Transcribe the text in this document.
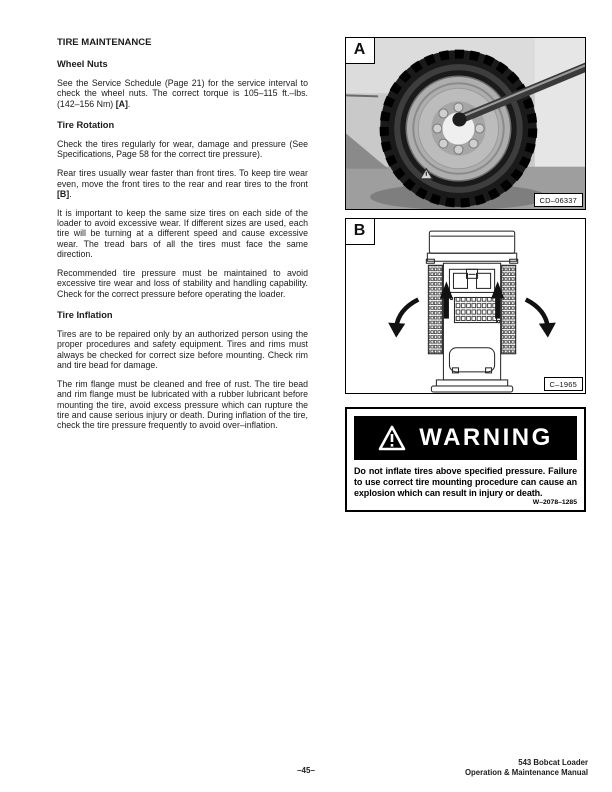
TIRE MAINTENANCE
Wheel Nuts

See the Service Schedule (Page 21) for the service interval to check the wheel nuts. The correct torque is 105–115 ft.–lbs. (142–156 Nm) [A].

Tire Rotation

Check the tires regularly for wear, damage and pressure (See Specifications, Page 58 for the correct tire pressure).

Rear tires usually wear faster than front tires. To keep tire wear even, move the front tires to the rear and rear tires to the front [B].

It is important to keep the same size tires on each side of the loader to avoid excessive wear. If different sizes are used, each tire will be turning at a different speed and cause excessive wear. The tread bars of all the tires must face the same direction.

Recommended tire pressure must be maintained to avoid excessive tire wear and loss of stability and handling capability. Check for the correct pressure before operating the loader.

Tire Inflation

Tires are to be repaired only by an authorized person using the proper procedures and safety equipment. Tires and rims must always be checked for correct size before mounting. Check rim and tire bead for damage.

The rim flange must be cleaned and free of rust. The tire bead and rim flange must be lubricated with a rubber lubricant before mounting the tire, avoid excess pressure which can rupture the tire and cause serious injury or death. During inflation of the tire, check the tire pressure frequently to avoid over–inflation.

A
CD–06337
B
C–1965
WARNING
Do not inflate tires above specified pressure. Failure to use correct tire mounting procedure can cause an explosion which can result in injury or death.
W–2078–1285
–45–
543 Bobcat Loader
Operation & Maintenance Manual
